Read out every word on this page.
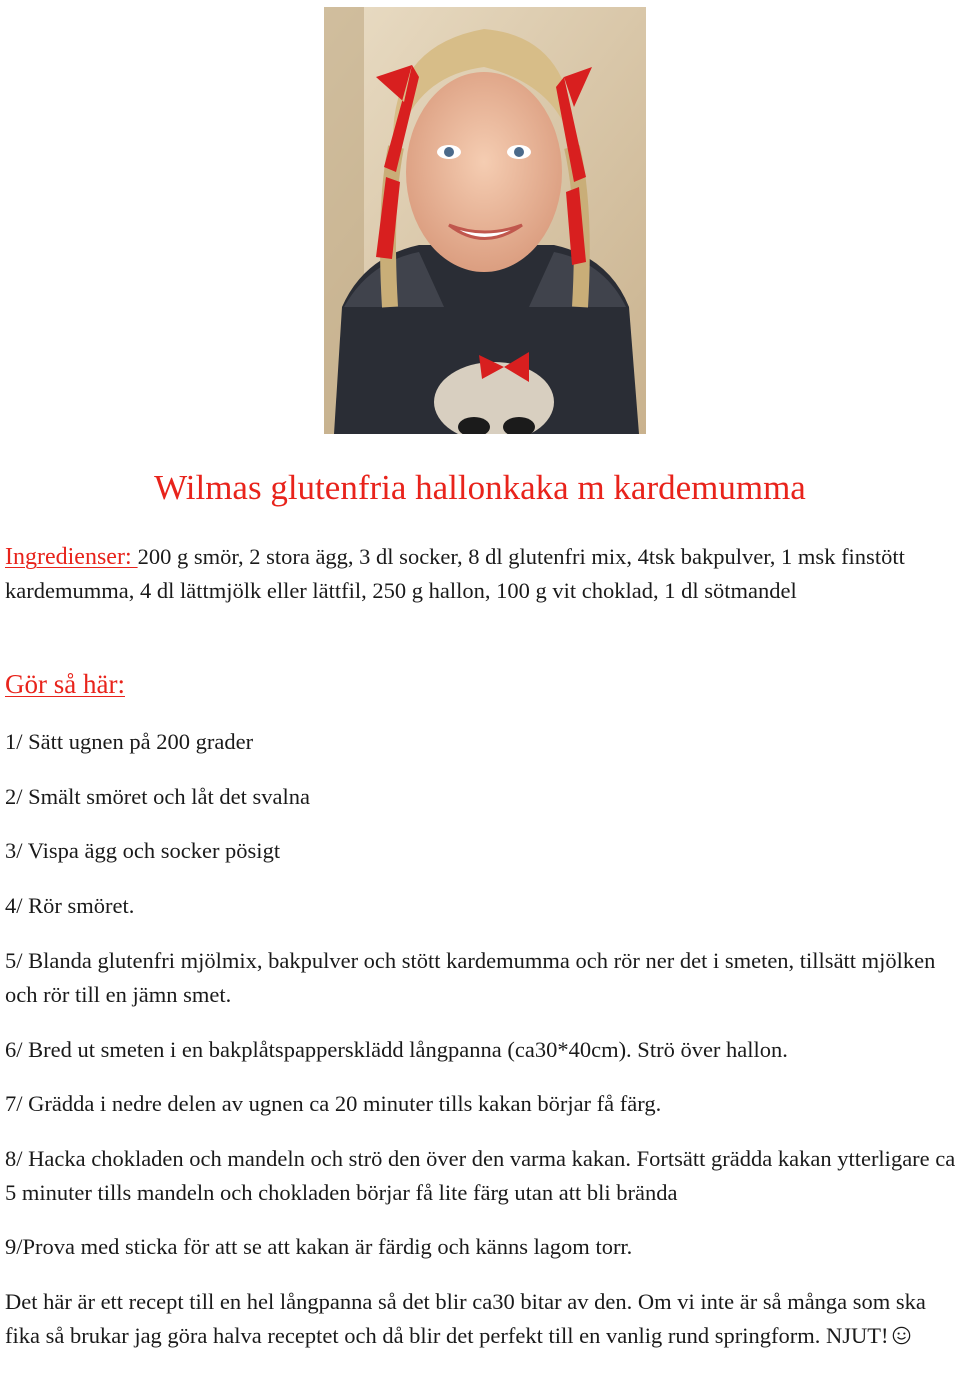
Wilmas glutenfria hallonkaka m kardemumma

Ingredienser: 200 g smör, 2 stora ägg, 3 dl socker, 8 dl glutenfri mix, 4tsk bakpulver, 1 msk finstött kardemumma, 4 dl lättmjölk eller lättfil, 250 g hallon, 100 g vit choklad, 1 dl sötmandel

Gör så här:

1/ Sätt ugnen på 200 grader

2/ Smält smöret och låt det svalna

3/ Vispa ägg och socker pösigt

4/ Rör smöret.

5/ Blanda glutenfri mjölmix, bakpulver och stött kardemumma och rör ner det i smeten, tillsätt mjölken och rör till en jämn smet.

6/ Bred ut smeten i en bakplåtspappersklädd långpanna (ca30*40cm). Strö över hallon.

7/ Grädda i nedre delen av ugnen ca 20 minuter tills kakan börjar få färg.

8/ Hacka chokladen och mandeln och strö den över den varma kakan. Fortsätt grädda kakan ytterligare ca 5 minuter tills mandeln och chokladen börjar få lite färg utan att bli brända

9/Prova med sticka för att se att kakan är färdig och känns lagom torr.

Det här är ett recept till en hel långpanna så det blir ca30 bitar av den. Om vi inte är så många som ska fika så brukar jag göra halva receptet och då blir det perfekt till en vanlig rund springform. NJUT!
